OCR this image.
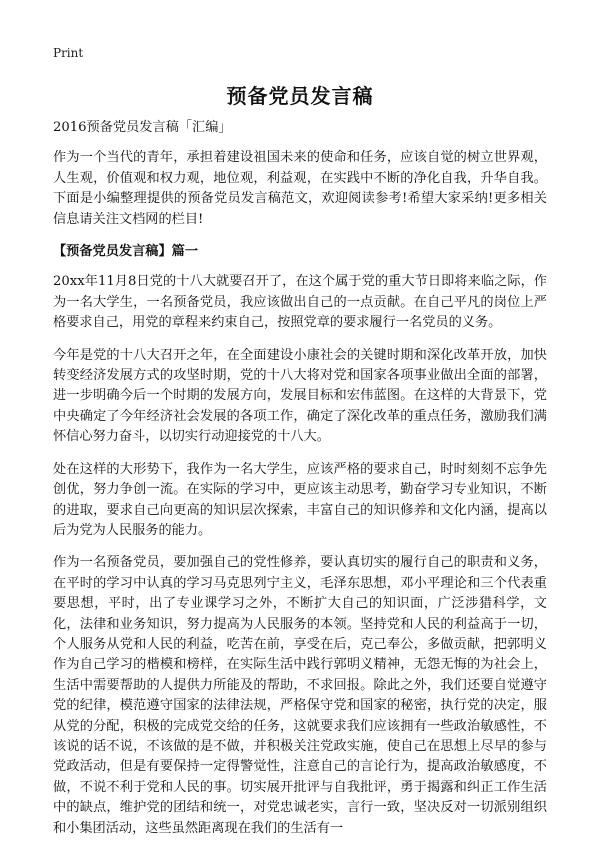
Print
预备党员发言稿

2016预备党员发言稿「汇编」

作为一个当代的青年，承担着建设祖国未来的使命和任务，应该自觉的树立世界观，人生观，价值观和权力观，地位观，利益观，在实践中不断的净化自我，升华自我。下面是小编整理提供的预备党员发言稿范文，欢迎阅读参考!希望大家采纳!更多相关信息请关注文档网的栏目!

【预备党员发言稿】篇一

20xx年11月8日党的十八大就要召开了，在这个属于党的重大节日即将来临之际，作为一名大学生，一名预备党员，我应该做出自己的一点贡献。在自己平凡的岗位上严格要求自己，用党的章程来约束自己，按照党章的要求履行一名党员的义务。

今年是党的十八大召开之年，在全面建设小康社会的关键时期和深化改革开放，加快转变经济发展方式的攻坚时期，党的十八大将对党和国家各项事业做出全面的部署，进一步明确今后一个时期的发展方向，发展目标和宏伟蓝图。在这样的大背景下，党中央确定了今年经济社会发展的各项工作，确定了深化改革的重点任务，激励我们满怀信心努力奋斗，以切实行动迎接党的十八大。

处在这样的大形势下，我作为一名大学生，应该严格的要求自己，时时刻刻不忘争先创优，努力争创一流。在实际的学习中，更应该主动思考，勤奋学习专业知识，不断的进取，要求自己向更高的知识层次探索，丰富自己的知识修养和文化内涵，提高以后为党为人民服务的能力。

作为一名预备党员，要加强自己的党性修养，要认真切实的履行自己的职责和义务，在平时的学习中认真的学习马克思列宁主义，毛泽东思想，邓小平理论和三个代表重要思想，平时，出了专业课学习之外，不断扩大自己的知识面，广泛涉猎科学，文化，法律和业务知识，努力提高为人民服务的本领。坚持党和人民的利益高于一切，个人服务从党和人民的利益，吃苦在前，享受在后，克己奉公，多做贡献，把郭明义作为自己学习的楷模和榜样，在实际生活中践行郭明义精神，无怨无悔的为社会上，生活中需要帮助的人提供力所能及的帮助，不求回报。除此之外，我们还要自觉遵守党的纪律，模范遵守国家的法律法规，严格保守党和国家的秘密，执行党的决定，服从党的分配，积极的完成党交给的任务，这就要求我们应该拥有一些政治敏感性，不该说的话不说，不该做的是不做，并积极关注党政实施，使自己在思想上尽早的参与党政活动，但是有要保持一定得警觉性，注意自己的言论行为，提高政治敏感度，不做，不说不利于党和人民的事。切实展开批评与自我批评，勇于揭露和纠正工作生活中的缺点，维护党的团结和统一，对党忠诚老实，言行一致，坚决反对一切派别组织和小集团活动，这些虽然距离现在我们的生活有一
